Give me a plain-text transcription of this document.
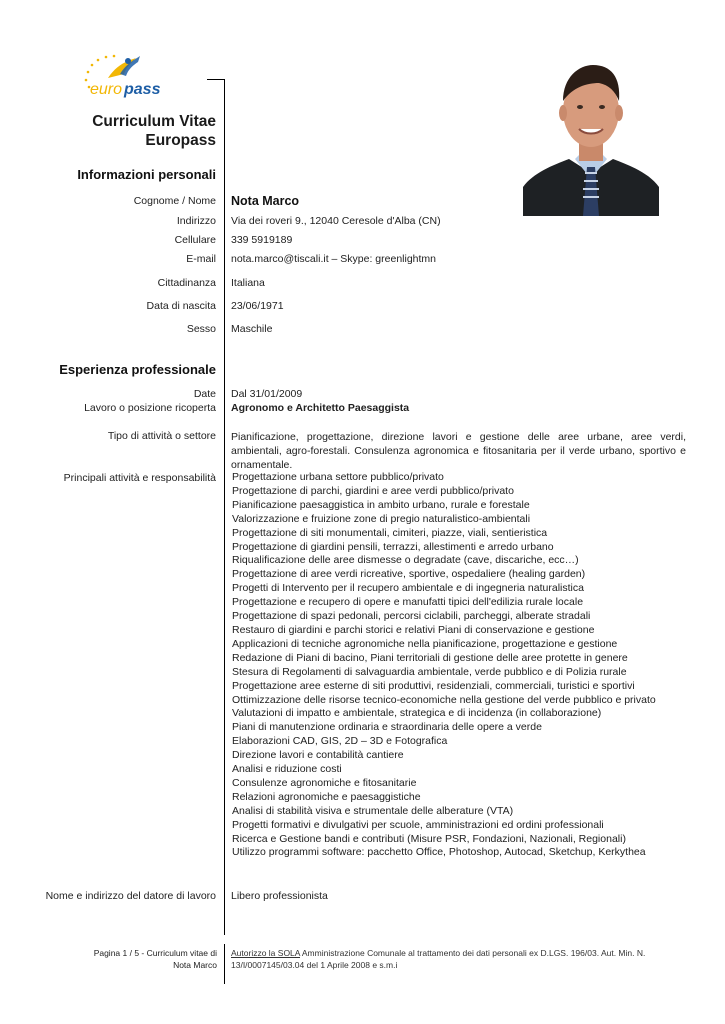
euro pass
Curriculum Vitae
Europass
Informazioni personali
Cognome / Nome Nota Marco
Indirizzo Via dei roveri 9., 12040 Ceresole d'Alba (CN)
Cellulare 339 5919189
E-mail nota.marco@tiscali.it – Skype: greenlightmn
Cittadinanza Italiana
Data di nascita 23/06/1971
Sesso Maschile
Esperienza professionale
Date Dal 31/01/2009
Lavoro o posizione ricoperta Agronomo e Architetto Paesaggista
Tipo di attività o settore Pianificazione, progettazione, direzione lavori e gestione delle aree urbane, aree verdi, ambientali, agro-forestali. Consulenza agronomica e fitosanitaria per il verde urbano, sportivo e ornamentale.
Principali attività e responsabilità Progettazione urbana settore pubblico/privato
Progettazione di parchi, giardini e aree verdi pubblico/privato
Pianificazione paesaggistica in ambito urbano, rurale e forestale
Valorizzazione e fruizione zone di pregio naturalistico-ambientali
Progettazione di siti monumentali, cimiteri, piazze, viali, sentieristica
Progettazione di giardini pensili, terrazzi, allestimenti e arredo urbano
Riqualificazione delle aree dismesse o degradate (cave, discariche, ecc…)
Progettazione di aree verdi ricreative, sportive, ospedaliere (healing garden)
Progetti di Intervento per il recupero ambientale e di ingegneria naturalistica
Progettazione e recupero di opere e manufatti tipici dell'edilizia rurale locale
Progettazione di spazi pedonali, percorsi ciclabili, parcheggi, alberate stradali
Restauro di giardini e parchi storici e relativi Piani di conservazione e gestione
Applicazioni di tecniche agronomiche nella pianificazione, progettazione e gestione
Redazione di Piani di bacino, Piani territoriali di gestione delle aree protette in genere
Stesura di Regolamenti di salvaguardia ambientale, verde pubblico e di Polizia rurale
Progettazione aree esterne di siti produttivi, residenziali, commerciali, turistici e sportivi
Ottimizzazione delle risorse tecnico-economiche nella gestione del verde pubblico e privato
Valutazioni di impatto e ambientale, strategica e di incidenza (in collaborazione)
Piani di manutenzione ordinaria e straordinaria delle opere a verde
Elaborazioni CAD, GIS, 2D – 3D e Fotografica
Direzione lavori e contabilità cantiere
Analisi e riduzione costi
Consulenze agronomiche e fitosanitarie
Relazioni agronomiche e paesaggistiche
Analisi di stabilità visiva e strumentale delle alberature (VTA)
Progetti formativi e divulgativi per scuole, amministrazioni ed ordini professionali
Ricerca e Gestione bandi e contributi (Misure PSR, Fondazioni, Nazionali, Regionali)
Utilizzo programmi software: pacchetto Office, Photoshop, Autocad, Sketchup, Kerkythea
Nome e indirizzo del datore di lavoro Libero professionista
Pagina 1 / 5 - Curriculum vitae di
Nota Marco
Autorizzo la SOLA Amministrazione Comunale al trattamento dei dati personali ex D.LGS. 196/03. Aut. Min. N. 13/I/0007145/03.04 del 1 Aprile 2008 e s.m.i
